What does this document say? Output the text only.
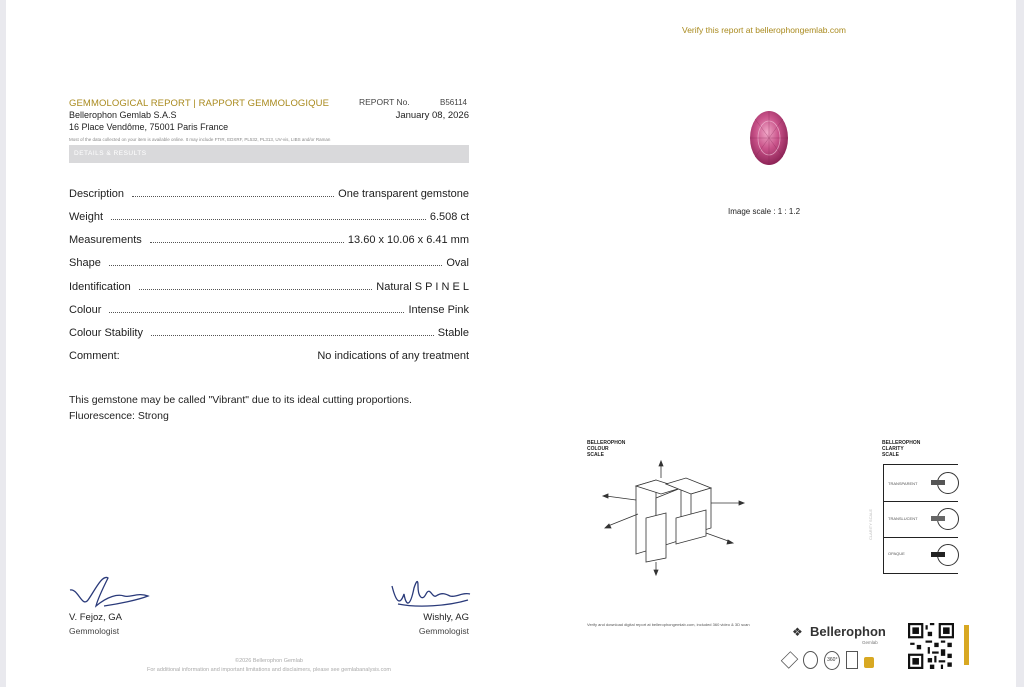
Verify this report at bellerophongemlab.com
GEMMOLOGICAL REPORT | RAPPORT GEMMOLOGIQUE
Bellerophon Gemlab S.A.S
16 Place Vendôme, 75001 Paris France
REPORT No.	B56114
January 08, 2026
Most of the data collected on your item is available online. It may include FTIR, EDXRF, PL532, PL313, UV-vis, LIBS and/or Raman
DETAILS & RESULTS
Description	One transparent gemstone
Weight	6.508 ct
Measurements	13.60 x 10.06 x 6.41 mm
Shape	Oval
Identification	Natural S P I N E L
Colour	Intense Pink
Colour Stability	Stable
Comment:	No indications of any treatment
This gemstone may be called "Vibrant" due to its ideal cutting proportions.
Fluorescence: Strong
Image scale : 1 : 1.2
BELLEROPHON
COLOUR
SCALE
BELLEROPHON
CLARITY
SCALE
CLARITY SCALE
TRANSPARENT
TRANSLUCENT
OPAQUE
V. Fejoz, GA
Gemmologist
Wishly, AG
Gemmologist
©2026 Bellerophon Gemlab
For additional information and important limitations and disclaimers, please see gemlabanalysis.com
Verify and download digital report at bellerophongemlab.com, included 360 video & 3D scan
❖ Bellerophon
Gemlab
360°
